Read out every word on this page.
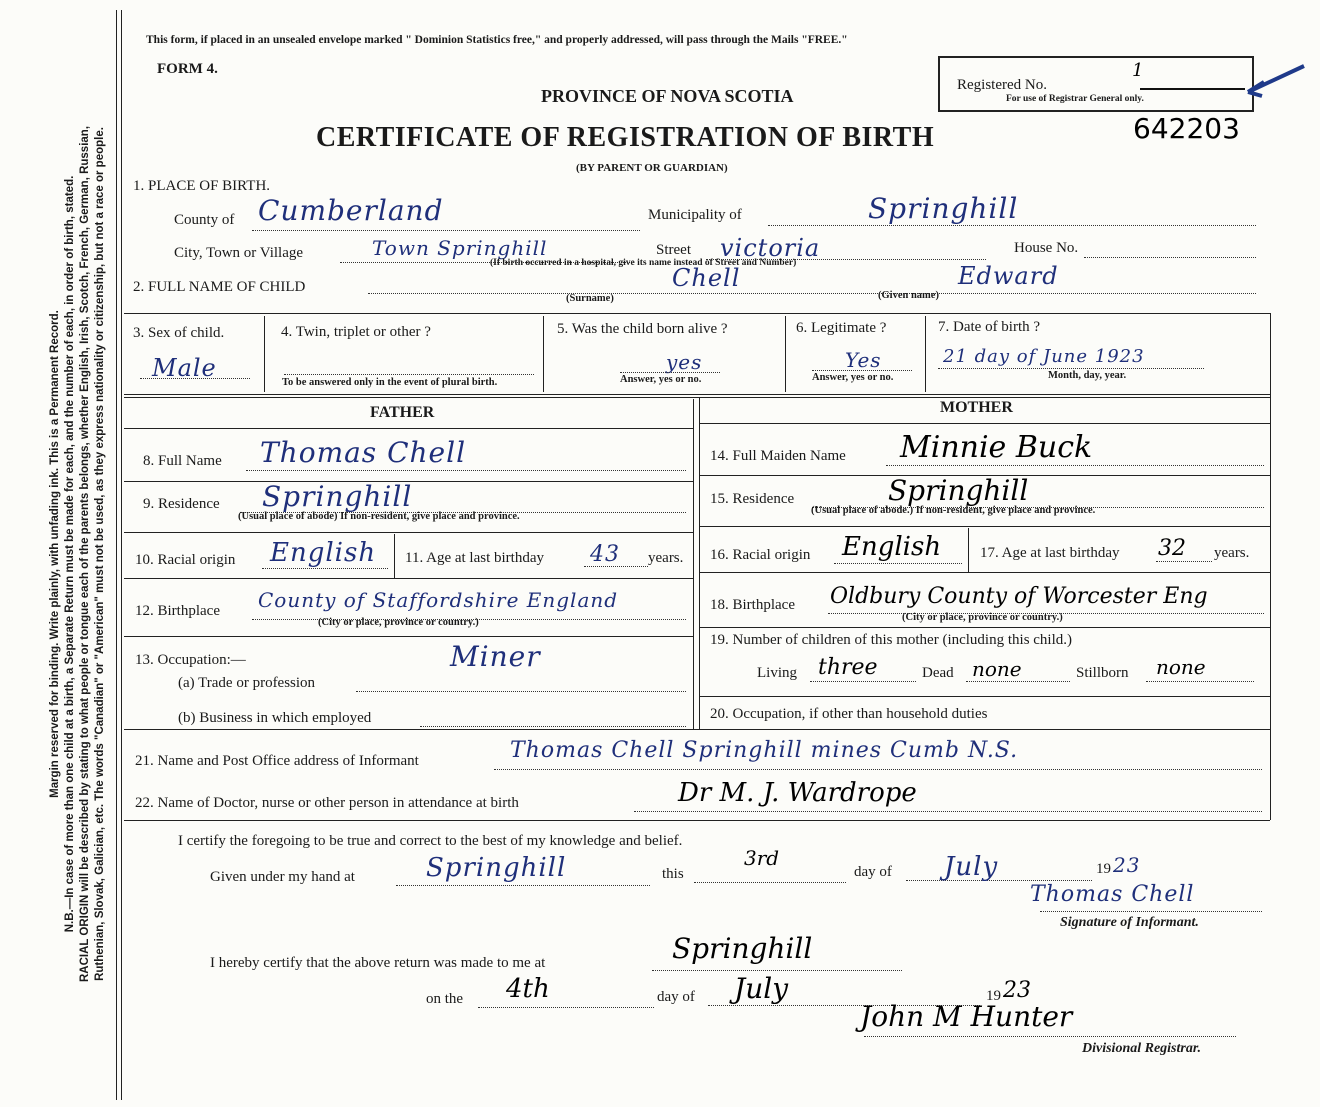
Margin reserved for binding. Write plainly, with unfading ink. This is a Permanent Record. N.B.—In case of more than one child at a birth, a Separate Return must be made for each, and the number of each, in order of birth, stated. RACIAL ORIGIN will be described by stating to what people or tongue each of the parents belongs, whether English, Irish, Scotch, French, German, Russian, Ruthenian, Slovak, Galician, etc. The words "Canadian" or "American" must not be used, as they express nationality or citizenship, but not a race or people.
This form, if placed in an unsealed envelope marked " Dominion Statistics free," and properly addressed, will pass through the Mails "FREE."
FORM 4.
PROVINCE OF NOVA SCOTIA
CERTIFICATE OF REGISTRATION OF BIRTH
(BY PARENT OR GUARDIAN)
Registered No.
For use of Registrar General only.
1
642203
1. PLACE OF BIRTH.
County of Cumberland	Municipality of	Springhill
City, Town or Village	Town Springhill	Street victoria	House No.
(If birth occurred in a hospital, give its name instead of Street and Number)
2. FULL NAME OF CHILD	Chell	Edward
(Surname)	(Given name)
3. Sex of child.
Male
4. Twin, triplet or other ?
To be answered only in the event of plural birth.
5. Was the child born alive ?
yes
Answer, yes or no.
6. Legitimate ?
Yes
Answer, yes or no.
7. Date of birth ?
21 day of June 1923
Month, day, year.
FATHER	MOTHER
8. Full Name Thomas Chell
9. Residence Springhill
(Usual place of abode) If non-resident, give place and province.
10. Racial origin English 11. Age at last birthday 43 years.
12. Birthplace County of Staffordshire England
(City or place, province or country.)
13. Occupation:—
(a) Trade or profession
Miner
(b) Business in which employed
14. Full Maiden Name Minnie Buck
15. Residence	Springhill
(Usual place of abode.) If non-resident, give place and province.
16. Racial origin English	17. Age at last birthday 32 years.
18. Birthplace Oldbury County of Worcester Eng
(City or place, province or country.)
19. Number of children of this mother (including this child.)
Living three	Dead none	Stillborn none
20. Occupation, if other than household duties
21. Name and Post Office address of Informant	Thomas Chell Springhill mines Cumb N.S.
22. Name of Doctor, nurse or other person in attendance at birth	Dr M. J. Wardrope
I certify the foregoing to be true and correct to the best of my knowledge and belief.
Given under my hand at	Springhill	this
3rd
day of July	19 23
Thomas Chell
Signature of Informant.
I hereby certify that the above return was made to me at	Springhill
on the 4th	day of July	19 23
John M Hunter
Divisional Registrar.
